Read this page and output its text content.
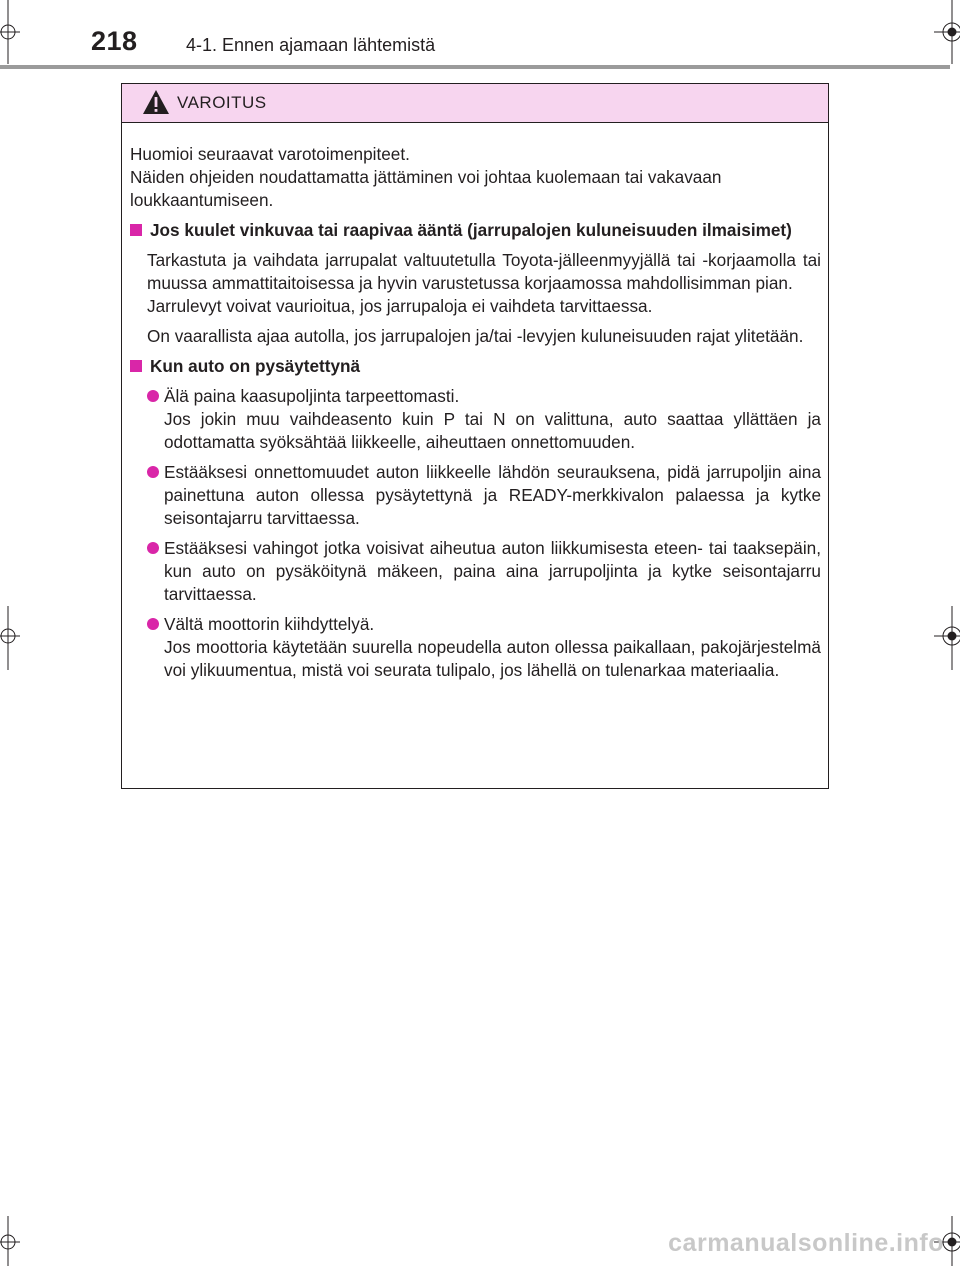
218	4-1. Ennen ajamaan lähtemistä
VAROITUS

Huomioi seuraavat varotoimenpiteet.

Näiden ohjeiden noudattamatta jättäminen voi johtaa kuolemaan tai vakavaan loukkaantumiseen.

Jos kuulet vinkuvaa tai raapivaa ääntä (jarrupalojen kuluneisuuden ilmaisimet)

Tarkastuta ja vaihdata jarrupalat valtuutetulla Toyota-jälleenmyyjällä tai -korjaamolla tai muussa ammattitaitoisessa ja hyvin varustetussa korjaamossa mahdollisimman pian.

Jarrulevyt voivat vaurioitua, jos jarrupaloja ei vaihdeta tarvittaessa.

On vaarallista ajaa autolla, jos jarrupalojen ja/tai -levyjen kuluneisuuden rajat ylitetään.

Kun auto on pysäytettynä

Älä paina kaasupoljinta tarpeettomasti.

Jos jokin muu vaihdeasento kuin P tai N on valittuna, auto saattaa yllättäen ja odottamatta syöksähtää liikkeelle, aiheuttaen onnettomuuden.

Estääksesi onnettomuudet auton liikkeelle lähdön seurauksena, pidä jarrupoljin aina painettuna auton ollessa pysäytettynä ja READY-merkkivalon palaessa ja kytke seisontajarru tarvittaessa.

Estääksesi vahingot jotka voisivat aiheutua auton liikkumisesta eteen- tai taaksepäin, kun auto on pysäköitynä mäkeen, paina aina jarrupoljinta ja kytke seisontajarru tarvittaessa.

Vältä moottorin kiihdyttelyä.

Jos moottoria käytetään suurella nopeudella auton ollessa paikallaan, pakojärjestelmä voi ylikuumentua, mistä voi seurata tulipalo, jos lähellä on tulenarkaa materiaalia.

carmanualsonline.info
